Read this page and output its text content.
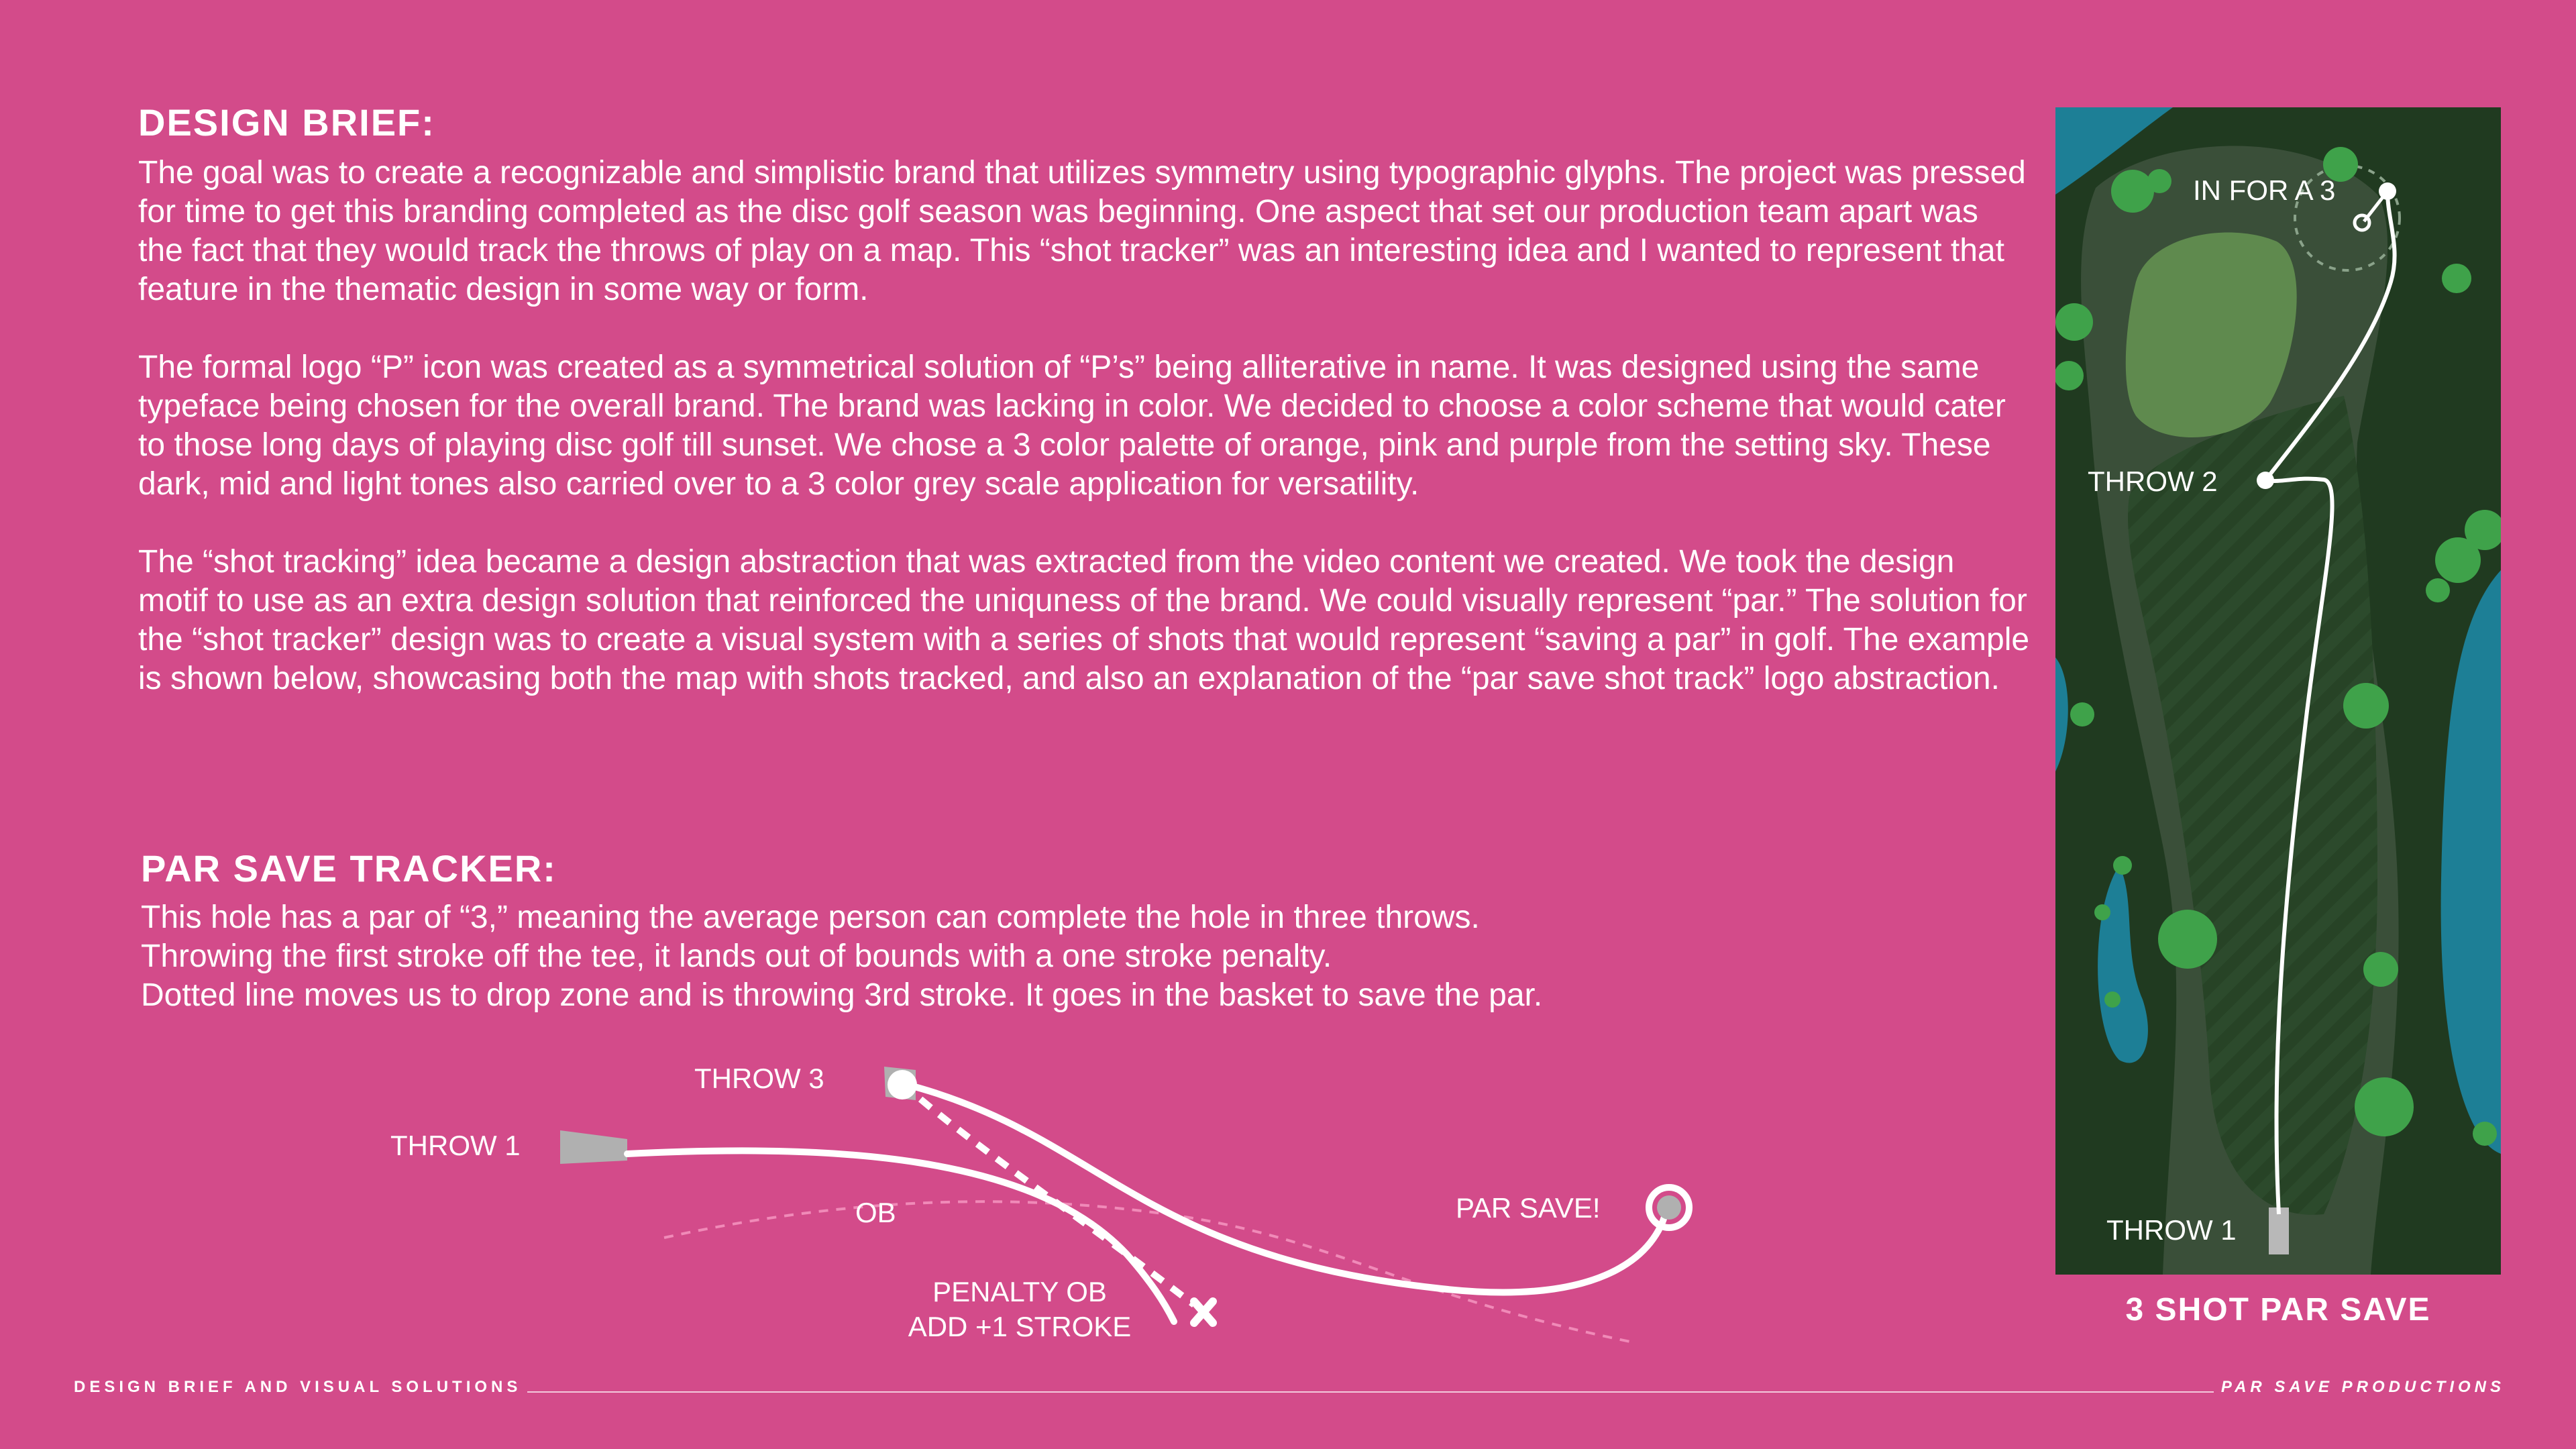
DESIGN BRIEF:

The goal was to create a recognizable and simplistic brand that utilizes symmetry using typographic glyphs. The project was pressed for time to get this branding completed as the disc golf season was beginning. One aspect that set our production team apart was the fact that they would track the throws of play on a map. This “shot tracker” was an interesting idea and I wanted to represent that feature in the thematic design in some way or form.

The formal logo “P” icon was created as a symmetrical solution of “P’s” being alliterative in name. It was designed using the same typeface being chosen for the overall brand. The brand was lacking in color. We decided to choose a color scheme that would cater to those long days of playing disc golf till sunset. We chose a 3 color palette of orange, pink and purple from the setting sky. These dark, mid and light tones also carried over to a 3 color grey scale application for versatility.

The “shot tracking” idea became a design abstraction that was extracted from the video content we created. We took the design motif to use as an extra design solution that reinforced the uniquness of the brand. We could visually represent “par.” The solution for the “shot tracker” design was to create a visual system with a series of shots that would represent “saving a par” in golf. The example is shown below, showcasing both the map with shots tracked, and also an explanation of the “par save shot track” logo abstraction.

PAR SAVE TRACKER:

This hole has a par of “3,” meaning the average person can complete the hole in three throws.

Throwing the first stroke off the tee, it lands out of bounds with a one stroke penalty.

Dotted line moves us to drop zone and is throwing 3rd stroke. It goes in the basket to save the par.

THROW 3
THROW 1
OB	PAR SAVE!
PENALTY OB
ADD +1 STROKE
IN FOR A 3
THROW 2
THROW 1
3 SHOT PAR SAVE
DESIGN BRIEF AND VISUAL SOLUTIONS	PAR SAVE PRODUCTIONS
